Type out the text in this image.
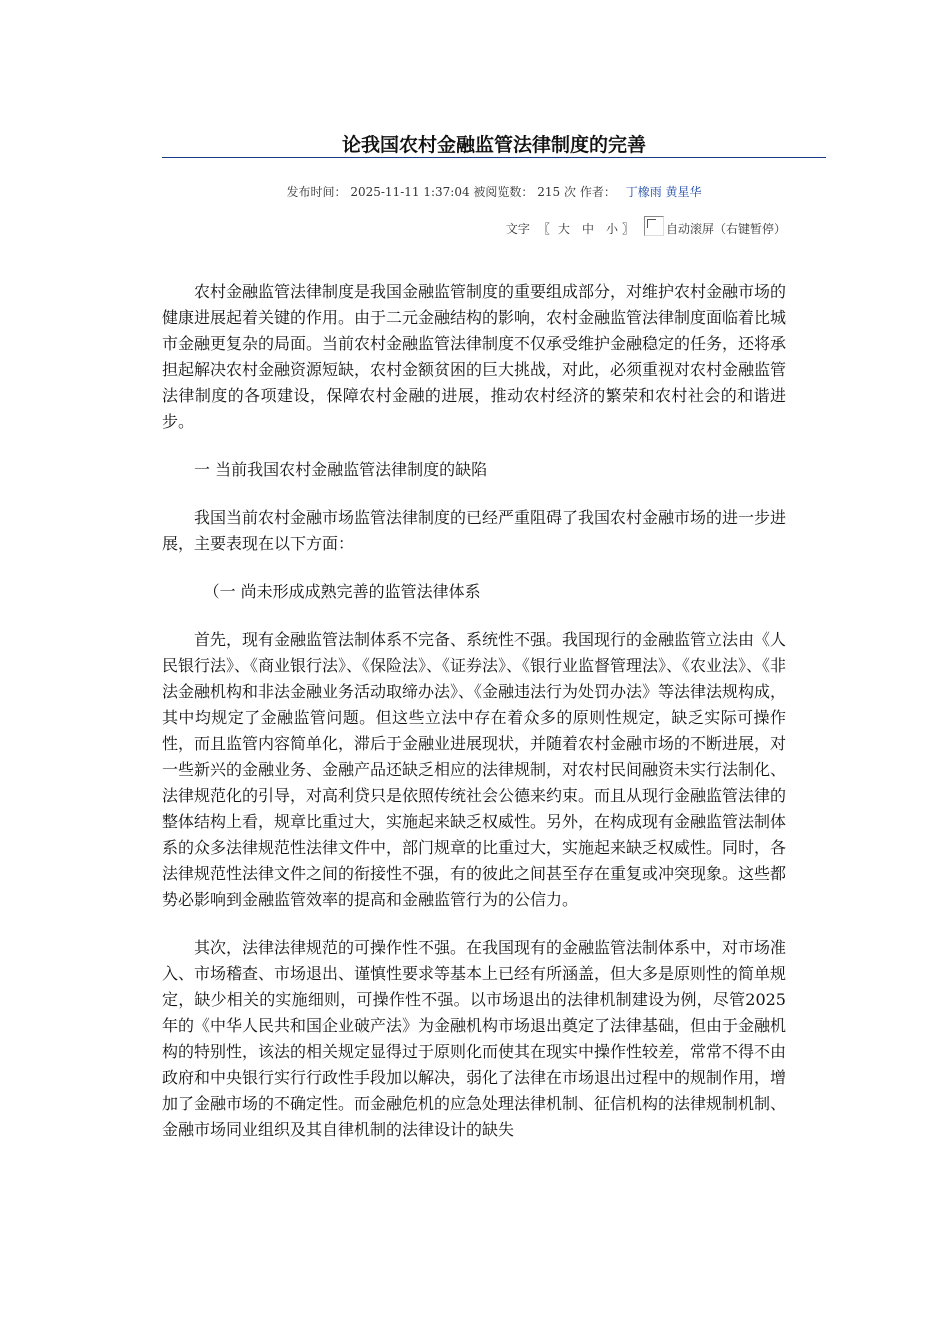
论我国农村金融监管法律制度的完善
发布时间： 2025-11-11 1:37:04 被阅览数： 215 次 作者： 丁橡雨 黄星华
文字 〖 大 中 小 〗	自动滚屏（右键暂停）

农村金融监管法律制度是我国金融监管制度的重要组成部分，对维护农村金融市场的健康进展起着关键的作用。由于二元金融结构的影响，农村金融监管法律制度面临着比城市金融更复杂的局面。当前农村金融监管法律制度不仅承受维护金融稳定的任务，还将承担起解决农村金融资源短缺，农村金额贫困的巨大挑战，对此，必须重视对农村金融监管法律制度的各项建设，保障农村金融的进展，推动农村经济的繁荣和农村社会的和谐进步。

一 当前我国农村金融监管法律制度的缺陷

我国当前农村金融市场监管法律制度的已经严重阻碍了我国农村金融市场的进一步进展，主要表现在以下方面：

（一 尚未形成成熟完善的监管法律体系

首先，现有金融监管法制体系不完备、系统性不强。我国现行的金融监管立法由《人民银行法》、《商业银行法》、《保险法》、《证券法》、《银行业监督管理法》、《农业法》、《非法金融机构和非法金融业务活动取缔办法》、《金融违法行为处罚办法》等法律法规构成，其中均规定了金融监管问题。但这些立法中存在着众多的原则性规定，缺乏实际可操作性，而且监管内容简单化，滞后于金融业进展现状，并随着农村金融市场的不断进展，对一些新兴的金融业务、金融产品还缺乏相应的法律规制，对农村民间融资未实行法制化、法律规范化的引导，对高利贷只是依照传统社会公德来约束。而且从现行金融监管法律的整体结构上看，规章比重过大，实施起来缺乏权威性。另外，在构成现有金融监管法制体系的众多法律规范性法律文件中，部门规章的比重过大，实施起来缺乏权威性。同时，各法律规范性法律文件之间的衔接性不强，有的彼此之间甚至存在重复或冲突现象。这些都势必影响到金融监管效率的提高和金融监管行为的公信力。

其次，法律法律规范的可操作性不强。在我国现有的金融监管法制体系中，对市场准入、市场稽查、市场退出、谨慎性要求等基本上已经有所涵盖，但大多是原则性的简单规定，缺少相关的实施细则，可操作性不强。以市场退出的法律机制建设为例，尽管2025年的《中华人民共和国企业破产法》为金融机构市场退出奠定了法律基础，但由于金融机构的特别性，该法的相关规定显得过于原则化而使其在现实中操作性较差，常常不得不由政府和中央银行实行行政性手段加以解决，弱化了法律在市场退出过程中的规制作用，增加了金融市场的不确定性。而金融危机的应急处理法律机制、征信机构的法律规制机制、金融市场同业组织及其自律机制的法律设计的缺失
